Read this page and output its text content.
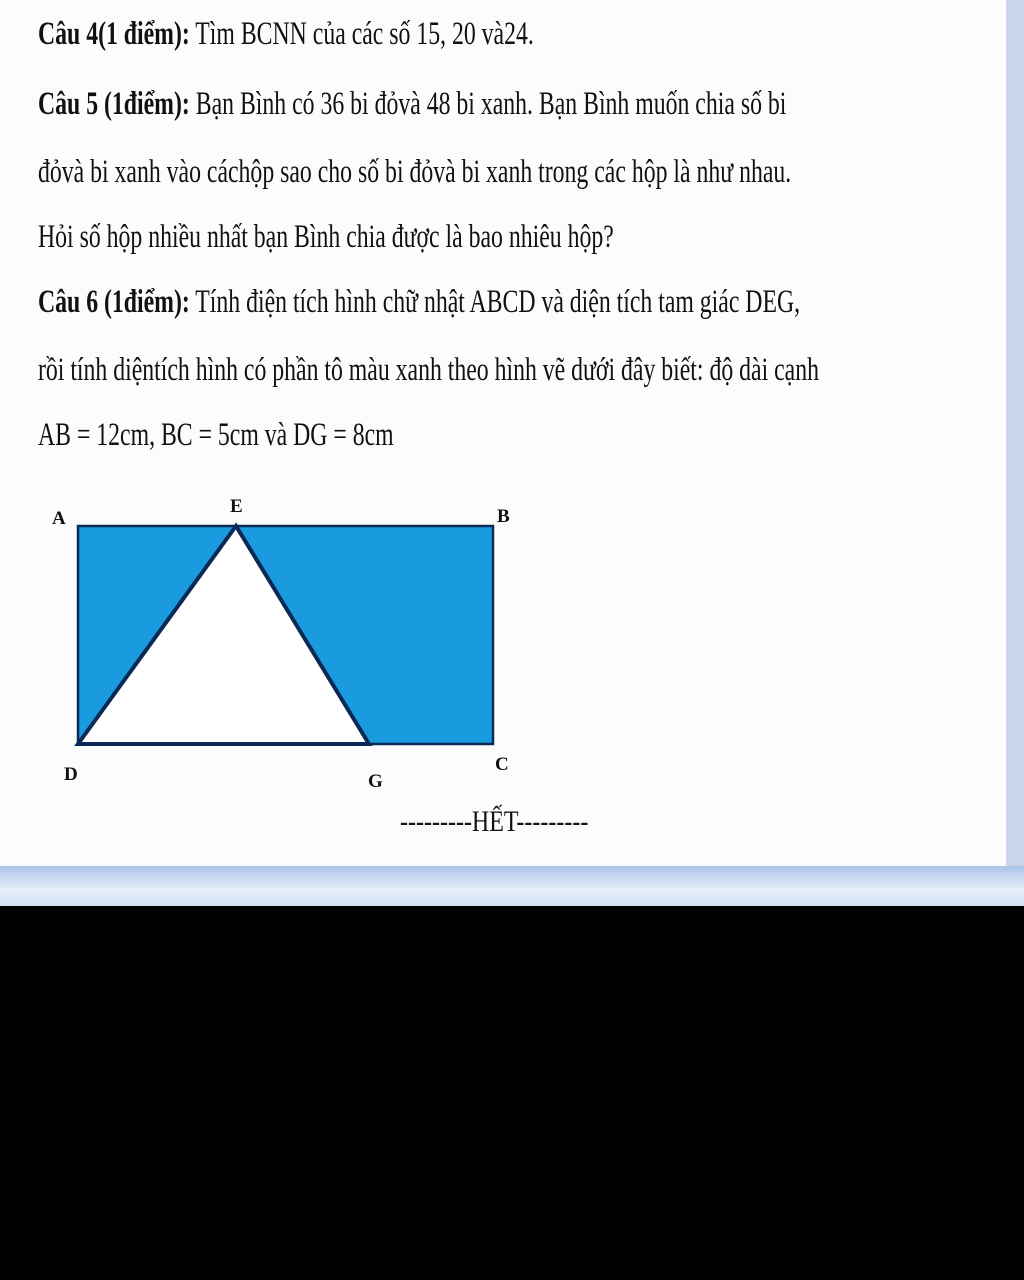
Câu 4(1 điểm): Tìm BCNN của các số 15, 20 và24.
Câu 5 (1điểm): Bạn Bình có 36 bi đỏvà 48 bi xanh. Bạn Bình muốn chia số bi
đỏvà bi xanh vào cáchộp sao cho số bi đỏvà bi xanh trong các hộp là như nhau.
Hỏi số hộp nhiều nhất bạn Bình chia được là bao nhiêu hộp?
Câu 6 (1điểm): Tính điện tích hình chữ nhật ABCD và diện tích tam giác DEG,
rồi tính diệntích hình có phần tô màu xanh theo hình vẽ dưới đây biết: độ dài cạnh
AB = 12cm, BC = 5cm và DG = 8cm
A
E	B
D	G
C
---------HẾT---------
